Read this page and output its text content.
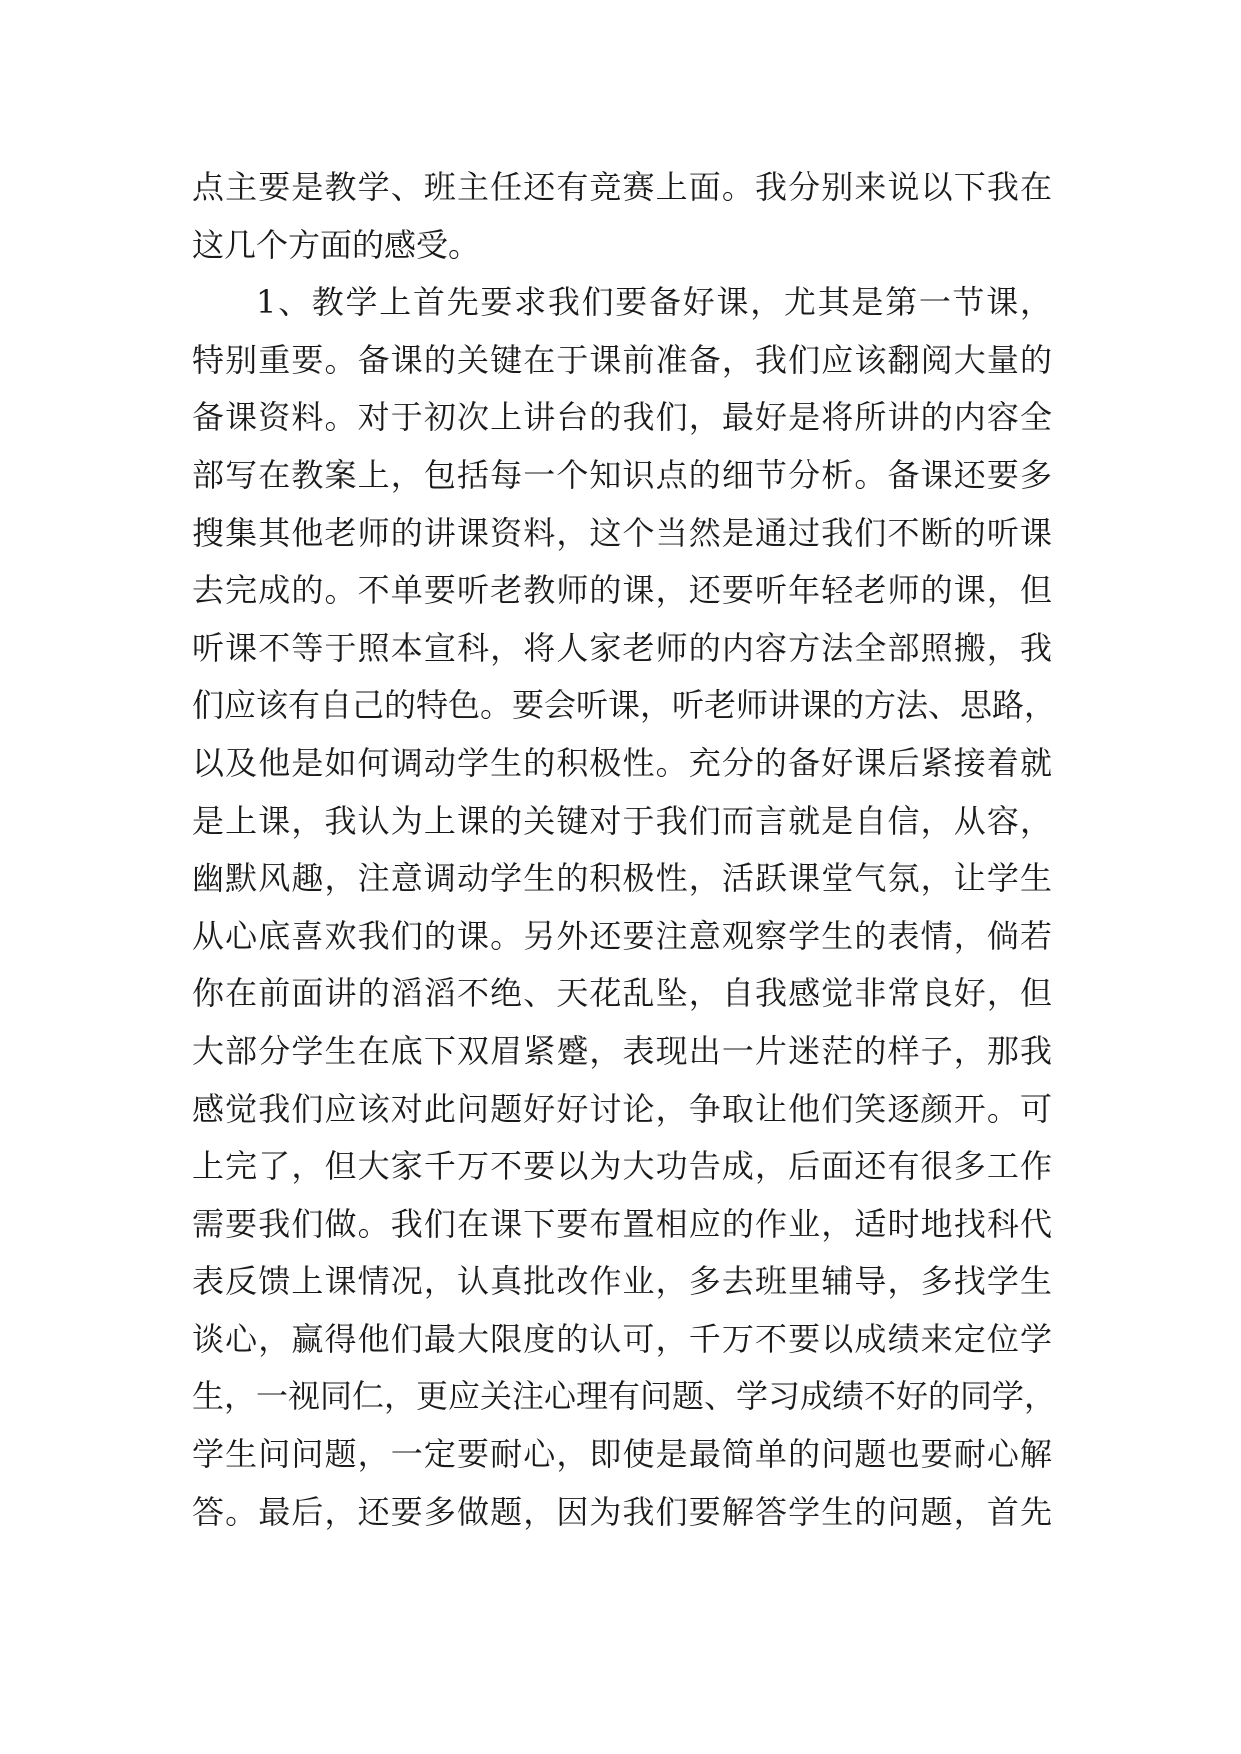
点主要是教学、班主任还有竞赛上面。我分别来说以下我在
这几个方面的感受。
1、教学上首先要求我们要备好课，尤其是第一节课，
特别重要。备课的关键在于课前准备，我们应该翻阅大量的
备课资料。对于初次上讲台的我们，最好是将所讲的内容全
部写在教案上，包括每一个知识点的细节分析。备课还要多
搜集其他老师的讲课资料，这个当然是通过我们不断的听课
去完成的。不单要听老教师的课，还要听年轻老师的课，但
听课不等于照本宣科，将人家老师的内容方法全部照搬，我
们应该有自己的特色。要会听课，听老师讲课的方法、思路，
以及他是如何调动学生的积极性。充分的备好课后紧接着就
是上课，我认为上课的关键对于我们而言就是自信，从容，
幽默风趣，注意调动学生的积极性，活跃课堂气氛，让学生
从心底喜欢我们的课。另外还要注意观察学生的表情，倘若
你在前面讲的滔滔不绝、天花乱坠，自我感觉非常良好，但
大部分学生在底下双眉紧蹙，表现出一片迷茫的样子，那我
感觉我们应该对此问题好好讨论，争取让他们笑逐颜开。可
上完了，但大家千万不要以为大功告成，后面还有很多工作
需要我们做。我们在课下要布置相应的作业，适时地找科代
表反馈上课情况，认真批改作业，多去班里辅导，多找学生
谈心，赢得他们最大限度的认可，千万不要以成绩来定位学
生，一视同仁，更应关注心理有问题、学习成绩不好的同学，
学生问问题，一定要耐心，即使是最简单的问题也要耐心解
答。最后，还要多做题，因为我们要解答学生的问题，首先
